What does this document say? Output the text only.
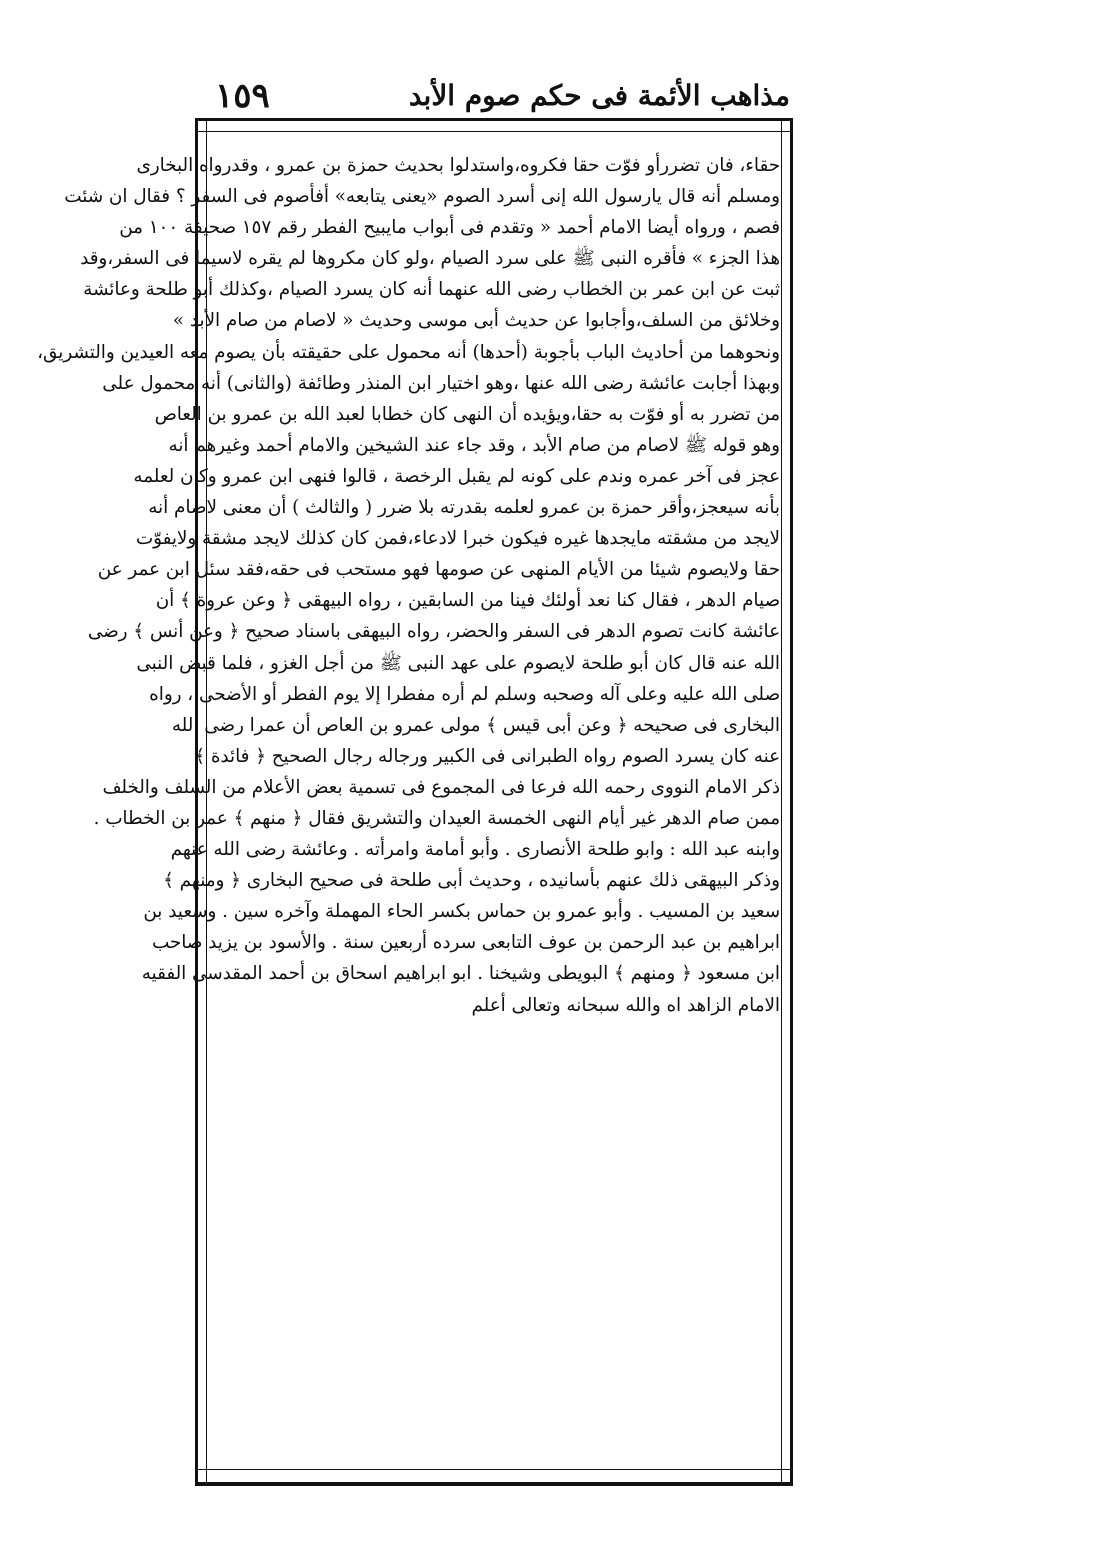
١٥٩	مذاهب الأئمة فى حكم صوم الأبد
حقاء، فان تضررأو فوّت حقا فكروه،واستدلوا بحديث حمزة بن عمرو ، وقدرواه البخارى
ومسلم أنه قال يارسول الله إنى أسرد الصوم «يعنى يتابعه» أفأصوم فى السفر ؟ فقال ان شئت
فصم ، ورواه أيضا الامام أحمد « وتقدم فى أبواب مايبيح الفطر رقم ١٥٧ صحيفة ١٠٠ من
هذا الجزء » فأقره النبى ﷺ على سرد الصيام ،ولو كان مكروها لم يقره لاسيما فى السفر،وقد
ثبت عن ابن عمر بن الخطاب رضى الله عنهما أنه كان يسرد الصيام ،وكذلك أبو طلحة وعائشة
وخلائق من السلف،وأجابوا عن حديث أبى موسى وحديث « لاصام من صام الأبد »
ونحوهما من أحاديث الباب بأجوبة (أحدها) أنه محمول على حقيقته بأن يصوم معه العيدين والتشريق،
وبهذا أجابت عائشة رضى الله عنها ،وهو اختيار ابن المنذر وطائفة (والثانى) أنه محمول على
من تضرر به أو فوّت به حقا،ويؤيده أن النهى كان خطابا لعبد الله بن عمرو بن العاص
وهو قوله ﷺ لاصام من صام الأبد ، وقد جاء عند الشيخين والامام أحمد وغيرهم أنه
عجز فى آخر عمره وندم على كونه لم يقبل الرخصة ، قالوا فنهى ابن عمرو وكان لعلمه
بأنه سيعجز،وأقر حمزة بن عمرو لعلمه بقدرته بلا ضرر ( والثالث ) أن معنى لاصام أنه
لايجد من مشقته مايجدها غيره فيكون خبرا لادعاء،فمن كان كذلك لايجد مشقة ولايفوّت
حقا ولايصوم شيئا من الأيام المنهى عن صومها فهو مستحب فى حقه،فقد سئل ابن عمر عن
صيام الدهر ، فقال كنا نعد أولئك فينا من السابقين ، رواه البيهقى ﴿ وعن عروة ﴾ أن
عائشة كانت تصوم الدهر فى السفر والحضر، رواه البيهقى باسناد صحيح ﴿ وعن أنس ﴾ رضى
الله عنه قال كان أبو طلحة لايصوم على عهد النبى ﷺ من أجل الغزو ، فلما قبض النبى
صلى الله عليه وعلى آله وصحبه وسلم لم أره مفطرا إلا يوم الفطر أو الأضحى ، رواه
البخارى فى صحيحه ﴿ وعن أبى قيس ﴾ مولى عمرو بن العاص أن عمرا رضى الله
عنه كان يسرد الصوم رواه الطبرانى فى الكبير ورجاله رجال الصحيح ﴿ فائدة ﴾
ذكر الامام النووى رحمه الله فرعا فى المجموع فى تسمية بعض الأعلام من السلف والخلف
ممن صام الدهر غير أيام النهى الخمسة العيدان والتشريق فقال ﴿ منهم ﴾ عمر بن الخطاب .
وابنه عبد الله : وابو طلحة الأنصارى . وأبو أمامة وامرأته . وعائشة رضى الله عنهم
وذكر البيهقى ذلك عنهم بأسانيده ، وحديث أبى طلحة فى صحيح البخارى ﴿ ومنهم ﴾
سعيد بن المسيب . وأبو عمرو بن حماس بكسر الحاء المهملة وآخره سين . وسعيد بن
ابراهيم بن عبد الرحمن بن عوف التابعى سرده أربعين سنة . والأسود بن يزيد صاحب
ابن مسعود ﴿ ومنهم ﴾ البويطى وشيخنا . ابو ابراهيم اسحاق بن أحمد المقدسى الفقيه
الامام الزاهد اه والله سبحانه وتعالى أعلم
